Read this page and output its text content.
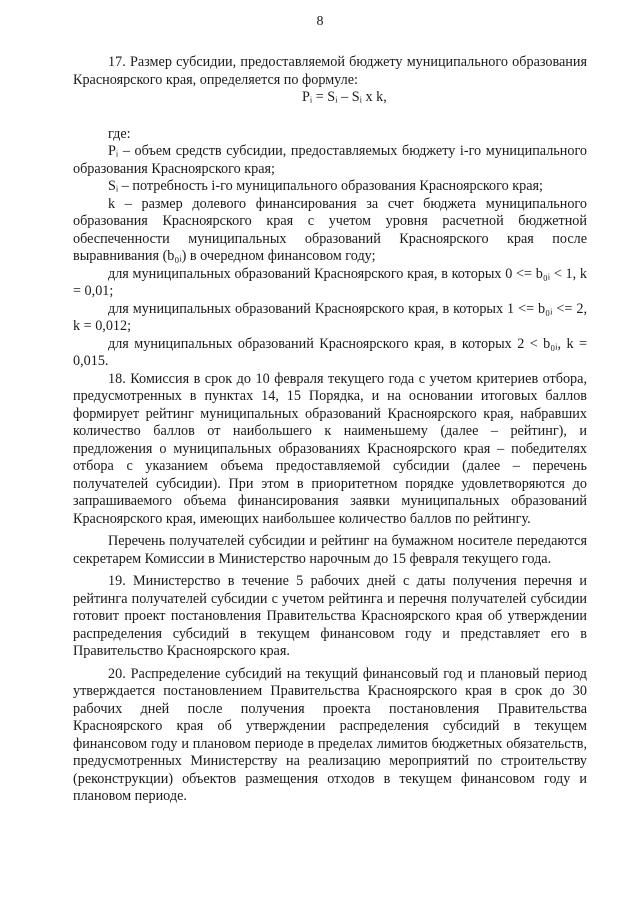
8

17. Размер субсидии, предоставляемой бюджету муниципального образования Красноярского края, определяется по формуле:

Pᵢ = Sᵢ – Sᵢ x k,

где:

Pᵢ – объем средств субсидии, предоставляемых бюджету i-го муниципального образования Красноярского края;

Sᵢ – потребность i-го муниципального образования Красноярского края;

k – размер долевого финансирования за счет бюджета муниципального образования Красноярского края с учетом уровня расчетной бюджетной обеспеченности муниципальных образований Красноярского края после выравнивания (b₀ᵢ) в очередном финансовом году;

для муниципальных образований Красноярского края, в которых 0 <= b₀ᵢ < 1, k = 0,01;

для муниципальных образований Красноярского края, в которых 1 <= b₀ᵢ <= 2, k = 0,012;

для муниципальных образований Красноярского края, в которых 2 < b₀ᵢ, k = 0,015.

18. Комиссия в срок до 10 февраля текущего года с учетом критериев отбора, предусмотренных в пунктах 14, 15 Порядка, и на основании итоговых баллов формирует рейтинг муниципальных образований Красноярского края, набравших количество баллов от наибольшего к наименьшему (далее – рейтинг), и предложения о муниципальных образованиях Красноярского края – победителях отбора с указанием объема предоставляемой субсидии (далее – перечень получателей субсидии). При этом в приоритетном порядке удовлетворяются до запрашиваемого объема финансирования заявки муниципальных образований Красноярского края, имеющих наибольшее количество баллов по рейтингу.

Перечень получателей субсидии и рейтинг на бумажном носителе передаются секретарем Комиссии в Министерство нарочным до 15 февраля текущего года.

19. Министерство в течение 5 рабочих дней с даты получения перечня и рейтинга получателей субсидии с учетом рейтинга и перечня получателей субсидии готовит проект постановления Правительства Красноярского края об утверждении распределения субсидий в текущем финансовом году и представляет его в Правительство Красноярского края.

20. Распределение субсидий на текущий финансовый год и плановый период утверждается постановлением Правительства Красноярского края в срок до 30 рабочих дней после получения проекта постановления Правительства Красноярского края об утверждении распределения субсидий в текущем финансовом году и плановом периоде в пределах лимитов бюджетных обязательств, предусмотренных Министерству на реализацию мероприятий по строительству (реконструкции) объектов размещения отходов в текущем финансовом году и плановом периоде.
